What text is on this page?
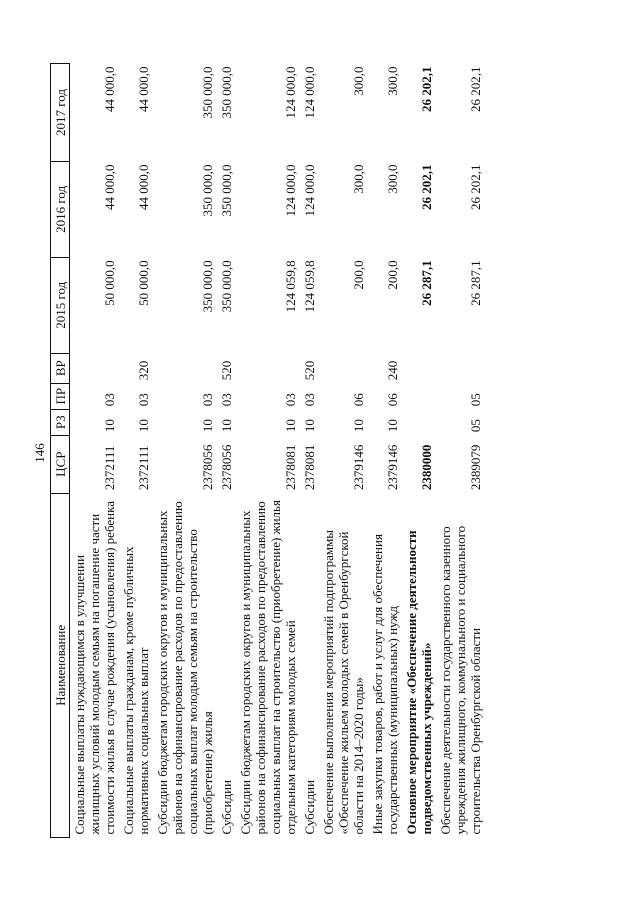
146
Наименование	ЦСР	РЗ	ПР	ВР	2015 год	2016 год	2017 год
Социальные выплаты нуждающимся в улучшении жилищных условий молодым семьям на погашение части стоимости жилья в случае рождения (усыновления) ребенка	2372111	10	03		50 000,0	44 000,0	44 000,0
Социальные выплаты гражданам, кроме публичных нормативных социальных выплат	2372111	10	03	320	50 000,0	44 000,0	44 000,0
Субсидии бюджетам городских округов и муниципальных районов на софинансирование расходов по предоставлению социальных выплат молодым семьям на строительство (приобретение) жилья	2378056	10	03		350 000,0	350 000,0	350 000,0
Субсидии	2378056	10	03	520	350 000,0	350 000,0	350 000,0
Субсидии бюджетам городских округов и муниципальных районов на софинансирование расходов по предоставлению социальных выплат на строительство (приобретение) жилья отдельным категориям молодых семей	2378081	10	03		124 059,8	124 000,0	124 000,0
Субсидии	2378081	10	03	520	124 059,8	124 000,0	124 000,0
Обеспечение выполнения мероприятий подпрограммы «Обеспечение жильем молодых семей в Оренбургской области на 2014–2020 годы»	2379146	10	06		200,0	300,0	300,0
Иные закупки товаров, работ и услуг для обеспечения государственных (муниципальных) нужд	2379146	10	06	240	200,0	300,0	300,0
Основное мероприятие «Обеспечение деятельности подведомственных учреждений»	2380000				26 287,1	26 202,1	26 202,1
Обеспечение деятельности государственного казенного учреждения жилищного, коммунального и социального строительства Оренбургской области	2389079	05	05		26 287,1	26 202,1	26 202,1
